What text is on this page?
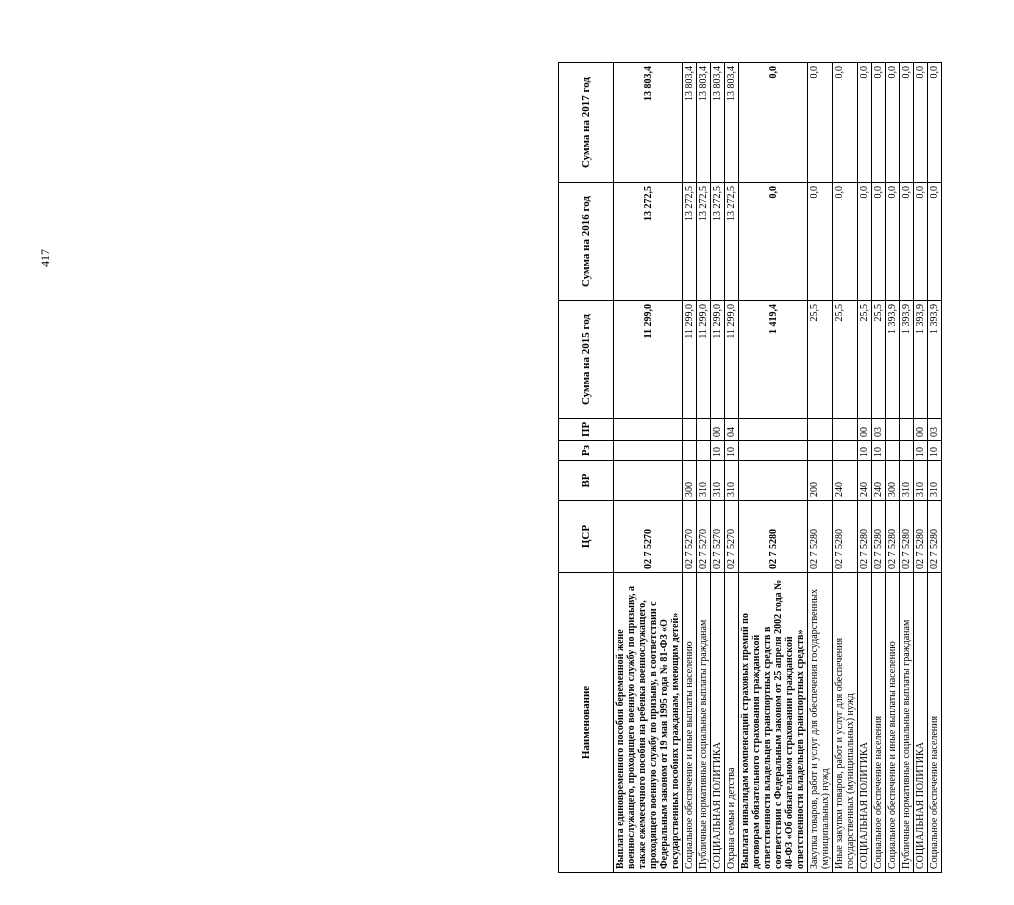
417
Наименование	ЦСР	ВР	Рз	ПР	Сумма на 2015 год	Сумма на 2016 год	Сумма на 2017 год
Выплата единовременного пособия беременной жене военнослужащего, проходящего военную службу по призыву, а также ежемесячного пособия на ребенка военнослужащего, проходящего военную службу по призыву, в соответствии с Федеральным законом от 19 мая 1995 года № 81-ФЗ «О государственных пособиях гражданам, имеющим детей»	02 7 5270				11 299,0	13 272,5	13 803,4
Социальное обеспечение и иные выплаты населению	02 7 5270	300			11 299,0	13 272,5	13 803,4
Публичные нормативные социальные выплаты гражданам	02 7 5270	310			11 299,0	13 272,5	13 803,4
СОЦИАЛЬНАЯ ПОЛИТИКА	02 7 5270	310	10	00	11 299,0	13 272,5	13 803,4
Охрана семьи и детства	02 7 5270	310	10	04	11 299,0	13 272,5	13 803,4
Выплата инвалидам компенсаций страховых премий по договорам обязательного страхования гражданской ответственности владельцев транспортных средств в соответствии с Федеральным законом от 25 апреля 2002 года № 40-ФЗ «Об обязательном страховании гражданской ответственности владельцев транспортных средств»	02 7 5280				1 419,4	0,0	0,0
Закупка товаров, работ и услуг для обеспечения государственных (муниципальных) нужд	02 7 5280	200			25,5	0,0	0,0
Иные закупки товаров, работ и услуг для обеспечения государственных (муниципальных) нужд	02 7 5280	240			25,5	0,0	0,0
СОЦИАЛЬНАЯ ПОЛИТИКА	02 7 5280	240	10	00	25,5	0,0	0,0
Социальное обеспечение населения	02 7 5280	240	10	03	25,5	0,0	0,0
Социальное обеспечение и иные выплаты населению	02 7 5280	300			1 393,9	0,0	0,0
Публичные нормативные социальные выплаты гражданам	02 7 5280	310			1 393,9	0,0	0,0
СОЦИАЛЬНАЯ ПОЛИТИКА	02 7 5280	310	10	00	1 393,9	0,0	0,0
Социальное обеспечение населения	02 7 5280	310	10	03	1 393,9	0,0	0,0
